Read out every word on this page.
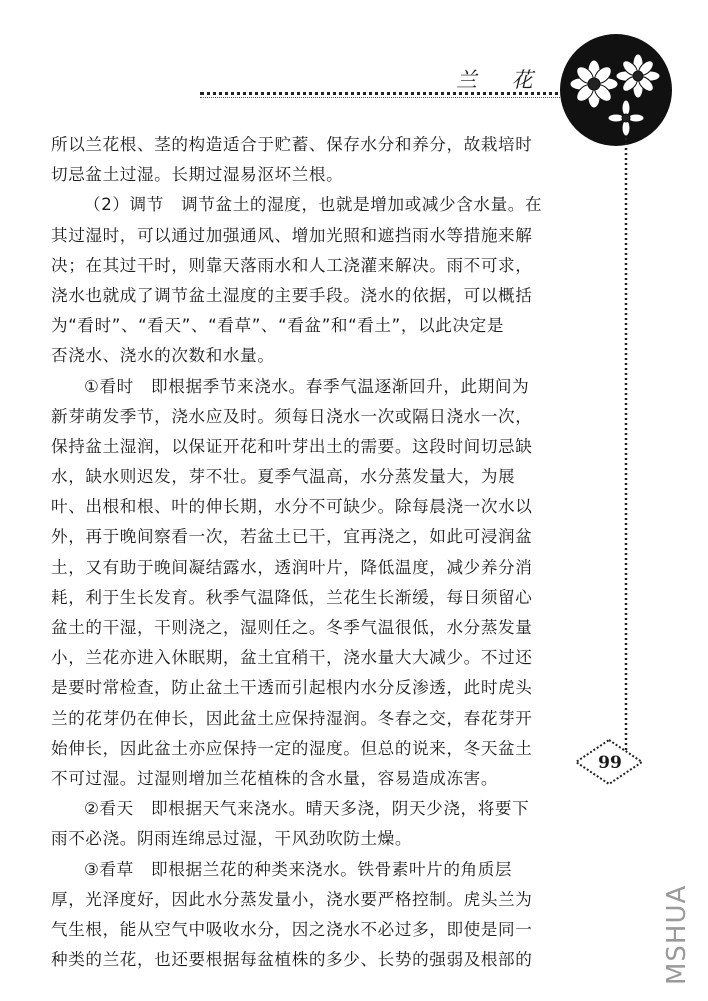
兰 花
99
所以兰花根、茎的构造适合于贮蓄、保存水分和养分，故栽培时
切忌盆土过湿。长期过湿易沤坏兰根。
（2）调节　调节盆土的湿度，也就是增加或减少含水量。在
其过湿时，可以通过加强通风、增加光照和遮挡雨水等措施来解
决；在其过干时，则靠天落雨水和人工浇灌来解决。雨不可求，
浇水也就成了调节盆土湿度的主要手段。浇水的依据，可以概括
为“看时”、“看天”、“看草”、“看盆”和“看土”，以此决定是
否浇水、浇水的次数和水量。
①看时　即根据季节来浇水。春季气温逐渐回升，此期间为
新芽萌发季节，浇水应及时。须每日浇水一次或隔日浇水一次，
保持盆土湿润，以保证开花和叶芽出土的需要。这段时间切忌缺
水，缺水则迟发，芽不壮。夏季气温高，水分蒸发量大，为展
叶、出根和根、叶的伸长期，水分不可缺少。除每晨浇一次水以
外，再于晚间察看一次，若盆土已干，宜再浇之，如此可浸润盆
土，又有助于晚间凝结露水，透润叶片，降低温度，减少养分消
耗，利于生长发育。秋季气温降低，兰花生长渐缓，每日须留心
盆土的干湿，干则浇之，湿则任之。冬季气温很低，水分蒸发量
小，兰花亦进入休眠期，盆土宜稍干，浇水量大大减少。不过还
是要时常检查，防止盆土干透而引起根内水分反渗透，此时虎头
兰的花芽仍在伸长，因此盆土应保持湿润。冬春之交，春花芽开
始伸长，因此盆土亦应保持一定的湿度。但总的说来，冬天盆土
不可过湿。过湿则增加兰花植株的含水量，容易造成冻害。
②看天　即根据天气来浇水。晴天多浇，阴天少浇，将要下
雨不必浇。阴雨连绵忌过湿，干风劲吹防土燥。
③看草　即根据兰花的种类来浇水。铁骨素叶片的角质层
厚，光泽度好，因此水分蒸发量小，浇水要严格控制。虎头兰为
气生根，能从空气中吸收水分，因之浇水不必过多，即使是同一
种类的兰花，也还要根据每盆植株的多少、长势的强弱及根部的	MSHUA
